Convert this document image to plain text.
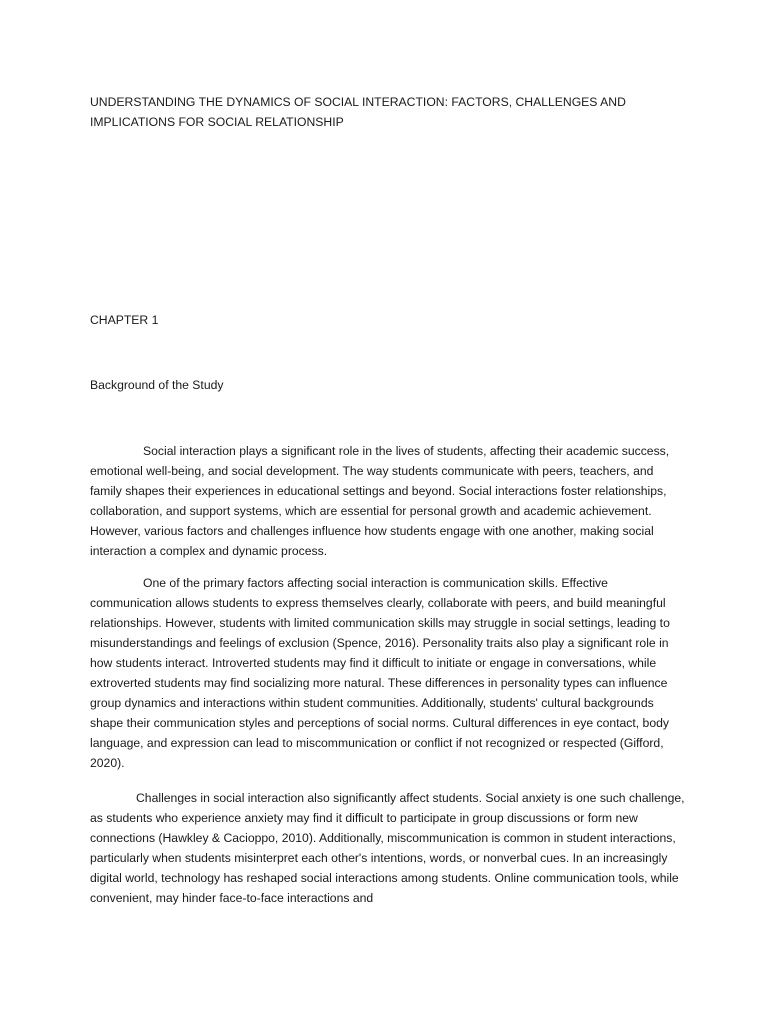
UNDERSTANDING THE DYNAMICS OF SOCIAL INTERACTION: FACTORS, CHALLENGES AND IMPLICATIONS FOR SOCIAL RELATIONSHIP

CHAPTER 1

Background of the Study

Social interaction plays a significant role in the lives of students, affecting their academic success, emotional well-being, and social development. The way students communicate with peers, teachers, and family shapes their experiences in educational settings and beyond. Social interactions foster relationships, collaboration, and support systems, which are essential for personal growth and academic achievement. However, various factors and challenges influence how students engage with one another, making social interaction a complex and dynamic process.

One of the primary factors affecting social interaction is communication skills. Effective communication allows students to express themselves clearly, collaborate with peers, and build meaningful relationships. However, students with limited communication skills may struggle in social settings, leading to misunderstandings and feelings of exclusion (Spence, 2016). Personality traits also play a significant role in how students interact. Introverted students may find it difficult to initiate or engage in conversations, while extroverted students may find socializing more natural. These differences in personality types can influence group dynamics and interactions within student communities. Additionally, students' cultural backgrounds shape their communication styles and perceptions of social norms. Cultural differences in eye contact, body language, and expression can lead to miscommunication or conflict if not recognized or respected (Gifford, 2020).

Challenges in social interaction also significantly affect students. Social anxiety is one such challenge, as students who experience anxiety may find it difficult to participate in group discussions or form new connections (Hawkley & Cacioppo, 2010). Additionally, miscommunication is common in student interactions, particularly when students misinterpret each other's intentions, words, or nonverbal cues. In an increasingly digital world, technology has reshaped social interactions among students. Online communication tools, while convenient, may hinder face-to-face interactions and
